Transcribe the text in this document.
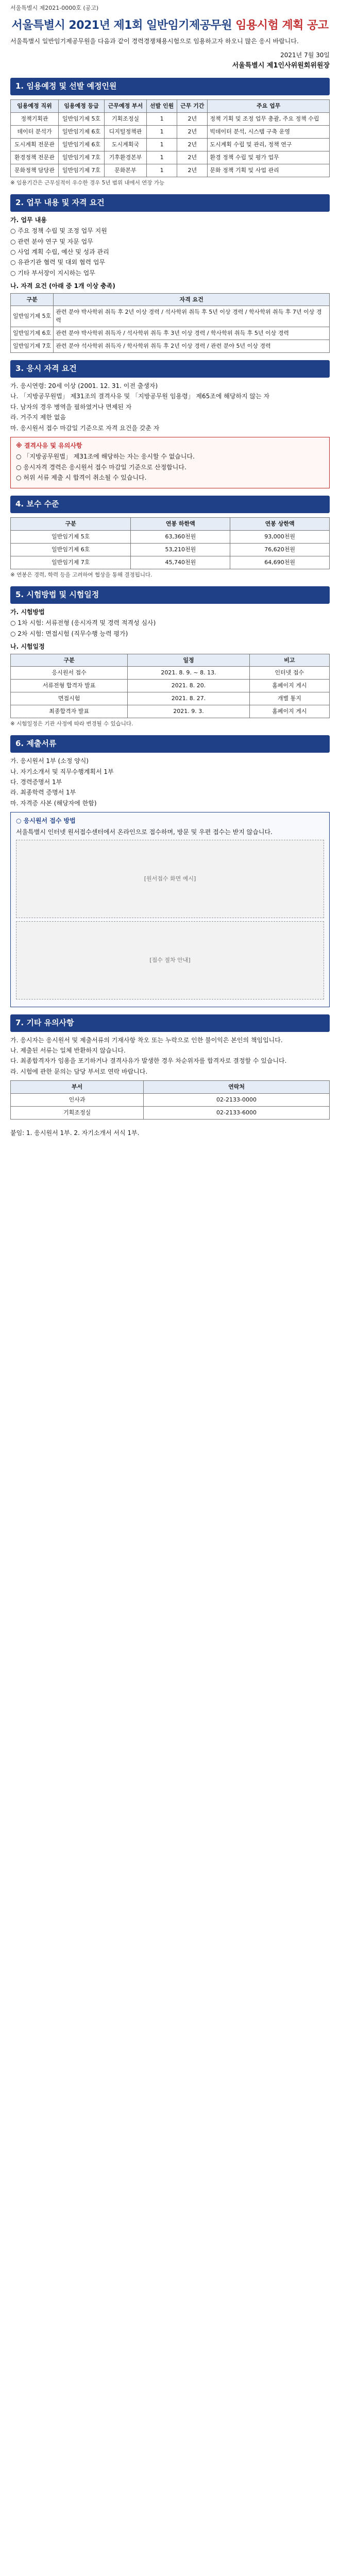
서울특별시 제2021-0000호 (공고)
서울특별시 2021년 제1회 일반임기제공무원 임용시험 계획 공고

서울특별시 일반임기제공무원을 다음과 같이 경력경쟁채용시험으로 임용하고자 하오니 많은 응시 바랍니다.

2021년 7월 30일
서울특별시 제1인사위원회위원장
1. 임용예정 및 선발 예정인원
임용예정 직위	임용예정 등급	근무예정 부서	선발 인원	근무 기간	주요 업무
정책기획관	일반임기제 5호	기획조정실	1	2년	정책 기획 및 조정 업무 총괄, 주요 정책 수립
데이터 분석가	일반임기제 6호	디지털정책관	1	2년	빅데이터 분석, 시스템 구축 운영
도시계획 전문관	일반임기제 6호	도시계획국	1	2년	도시계획 수립 및 관리, 정책 연구
환경정책 전문관	일반임기제 7호	기후환경본부	1	2년	환경 정책 수립 및 평가 업무
문화정책 담당관	일반임기제 7호	문화본부	1	2년	문화 정책 기획 및 사업 관리
※ 임용기간은 근무실적이 우수한 경우 5년 범위 내에서 연장 가능
2. 업무 내용 및 자격 요건
가. 업무 내용
○ 주요 정책 수립 및 조정 업무 지원
○ 관련 분야 연구 및 자문 업무
○ 사업 계획 수립, 예산 및 성과 관리
○ 유관기관 협력 및 대외 협력 업무
○ 기타 부서장이 지시하는 업무
나. 자격 요건 (아래 중 1개 이상 충족)
구분	자격 요건
일반임기제 5호	관련 분야 박사학위 취득 후 2년 이상 경력 / 석사학위 취득 후 5년 이상 경력 / 학사학위 취득 후 7년 이상 경력
일반임기제 6호	관련 분야 박사학위 취득자 / 석사학위 취득 후 3년 이상 경력 / 학사학위 취득 후 5년 이상 경력
일반임기제 7호	관련 분야 석사학위 취득자 / 학사학위 취득 후 2년 이상 경력 / 관련 분야 5년 이상 경력
3. 응시 자격 요건
가. 응시연령: 20세 이상 (2001. 12. 31. 이전 출생자)
나. 「지방공무원법」 제31조의 결격사유 및 「지방공무원 임용령」 제65조에 해당하지 않는 자
다. 남자의 경우 병역을 필하였거나 면제된 자
라. 거주지 제한 없음
마. 응시원서 접수 마감일 기준으로 자격 요건을 갖춘 자
※ 결격사유 및 유의사항
○ 「지방공무원법」 제31조에 해당하는 자는 응시할 수 없습니다.
○ 응시자격 경력은 응시원서 접수 마감일 기준으로 산정합니다.
○ 허위 서류 제출 시 합격이 취소될 수 있습니다.
4. 보수 수준
구분	연봉 하한액	연봉 상한액
일반임기제 5호	63,360천원	93,000천원
일반임기제 6호	53,210천원	76,620천원
일반임기제 7호	45,740천원	64,690천원
※ 연봉은 경력, 학력 등을 고려하여 협상을 통해 결정됩니다.
5. 시험방법 및 시험일정
가. 시험방법
○ 1차 시험: 서류전형 (응시자격 및 경력 적격성 심사)
○ 2차 시험: 면접시험 (직무수행 능력 평가)
나. 시험일정
구분	일정	비고
응시원서 접수	2021. 8. 9. ~ 8. 13.	인터넷 접수
서류전형 합격자 발표	2021. 8. 20.	홈페이지 게시
면접시험	2021. 8. 27.	개별 통지
최종합격자 발표	2021. 9. 3.	홈페이지 게시
※ 시험일정은 기관 사정에 따라 변경될 수 있습니다.
6. 제출서류
가. 응시원서 1부 (소정 양식)
나. 자기소개서 및 직무수행계획서 1부
다. 경력증명서 1부
라. 최종학력 증명서 1부
마. 자격증 사본 (해당자에 한함)
○ 응시원서 접수 방법
서울특별시 인터넷 원서접수센터에서 온라인으로 접수하며, 방문 및 우편 접수는 받지 않습니다.
[원서접수 화면 예시]
[접수 절차 안내]
7. 기타 유의사항
가. 응시자는 응시원서 및 제출서류의 기재사항 착오 또는 누락으로 인한 불이익은 본인의 책임입니다.
나. 제출된 서류는 일체 반환하지 않습니다.
다. 최종합격자가 임용을 포기하거나 결격사유가 발생한 경우 차순위자를 합격자로 결정할 수 있습니다.
라. 시험에 관한 문의는 담당 부서로 연락 바랍니다.
부서	연락처
인사과	02-2133-0000
기획조정실	02-2133-6000
붙임: 1. 응시원서 1부. 2. 자기소개서 서식 1부.
